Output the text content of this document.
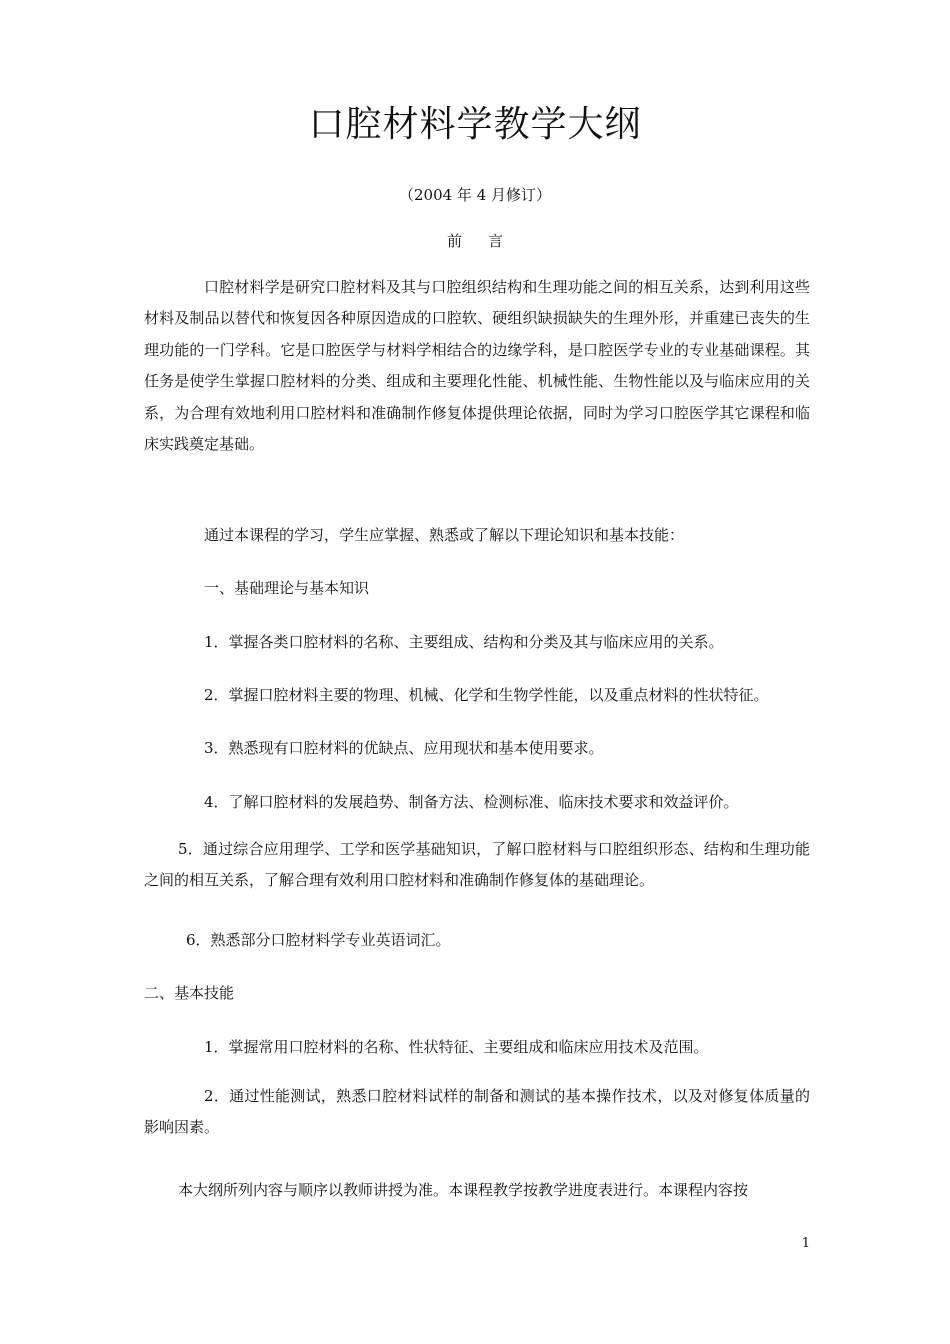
口腔材料学教学大纲
（2004 年 4 月修订）
前言

口腔材料学是研究口腔材料及其与口腔组织结构和生理功能之间的相互关系，达到利用这些材料及制品以替代和恢复因各种原因造成的口腔软、硬组织缺损缺失的生理外形，并重建已丧失的生理功能的一门学科。它是口腔医学与材料学相结合的边缘学科，是口腔医学专业的专业基础课程。其任务是使学生掌握口腔材料的分类、组成和主要理化性能、机械性能、生物性能以及与临床应用的关系，为合理有效地利用口腔材料和准确制作修复体提供理论依据，同时为学习口腔医学其它课程和临床实践奠定基础。

通过本课程的学习，学生应掌握、熟悉或了解以下理论知识和基本技能：
一、基础理论与基本知识
1．掌握各类口腔材料的名称、主要组成、结构和分类及其与临床应用的关系。
2．掌握口腔材料主要的物理、机械、化学和生物学性能，以及重点材料的性状特征。
3．熟悉现有口腔材料的优缺点、应用现状和基本使用要求。
4．了解口腔材料的发展趋势、制备方法、检测标准、临床技术要求和效益评价。

5．通过综合应用理学、工学和医学基础知识，了解口腔材料与口腔组织形态、结构和生理功能之间的相互关系，了解合理有效利用口腔材料和准确制作修复体的基础理论。

6．熟悉部分口腔材料学专业英语词汇。
二、基本技能
1．掌握常用口腔材料的名称、性状特征、主要组成和临床应用技术及范围。

2．通过性能测试，熟悉口腔材料试样的制备和测试的基本操作技术，以及对修复体质量的影响因素。

本大纲所列内容与顺序以教师讲授为准。本课程教学按教学进度表进行。本课程内容按
1
